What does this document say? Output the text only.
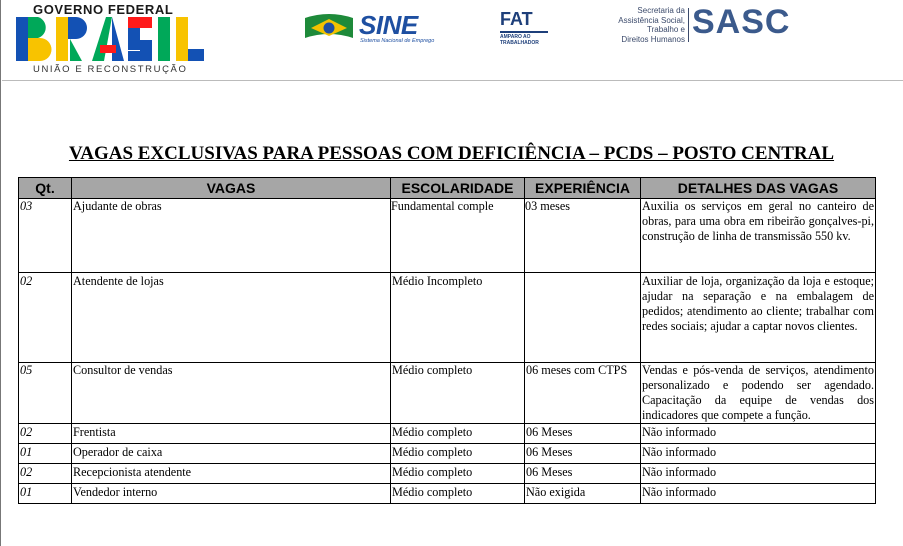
GOVERNO FEDERAL
UNIÃO E RECONSTRUÇÃO
SINE
Sistema Nacional de Emprego
FAT
AMPARO AO
TRABALHADOR
Secretaria da
Assistência Social,
Trabalho e
Direitos Humanos SASC
VAGAS EXCLUSIVAS PARA PESSOAS COM DEFICIÊNCIA – PCDS – POSTO CENTRAL
Qt.	VAGAS	ESCOLARIDADE	EXPERIÊNCIA	DETALHES DAS VAGAS
03	Ajudante de obras	Fundamental comple	03 meses	Auxilia os serviços em geral no canteiro de obras, para uma obra em ribeirão gonçalves-pi, construção de linha de transmissão 550 kv.
02	Atendente de lojas	Médio Incompleto		Auxiliar de loja, organização da loja e estoque; ajudar na separação e na embalagem de pedidos; atendimento ao cliente; trabalhar com redes sociais; ajudar a captar novos clientes.
05	Consultor de vendas	Médio completo	06 meses com CTPS	Vendas e pós-venda de serviços, atendimento personalizado e podendo ser agendado. Capacitação da equipe de vendas dos indicadores que compete a função.
02	Frentista	Médio completo	06 Meses	Não informado
01	Operador de caixa	Médio completo	06 Meses	Não informado
02	Recepcionista atendente	Médio completo	06 Meses	Não informado
01	Vendedor interno	Médio completo	Não exigida	Não informado
